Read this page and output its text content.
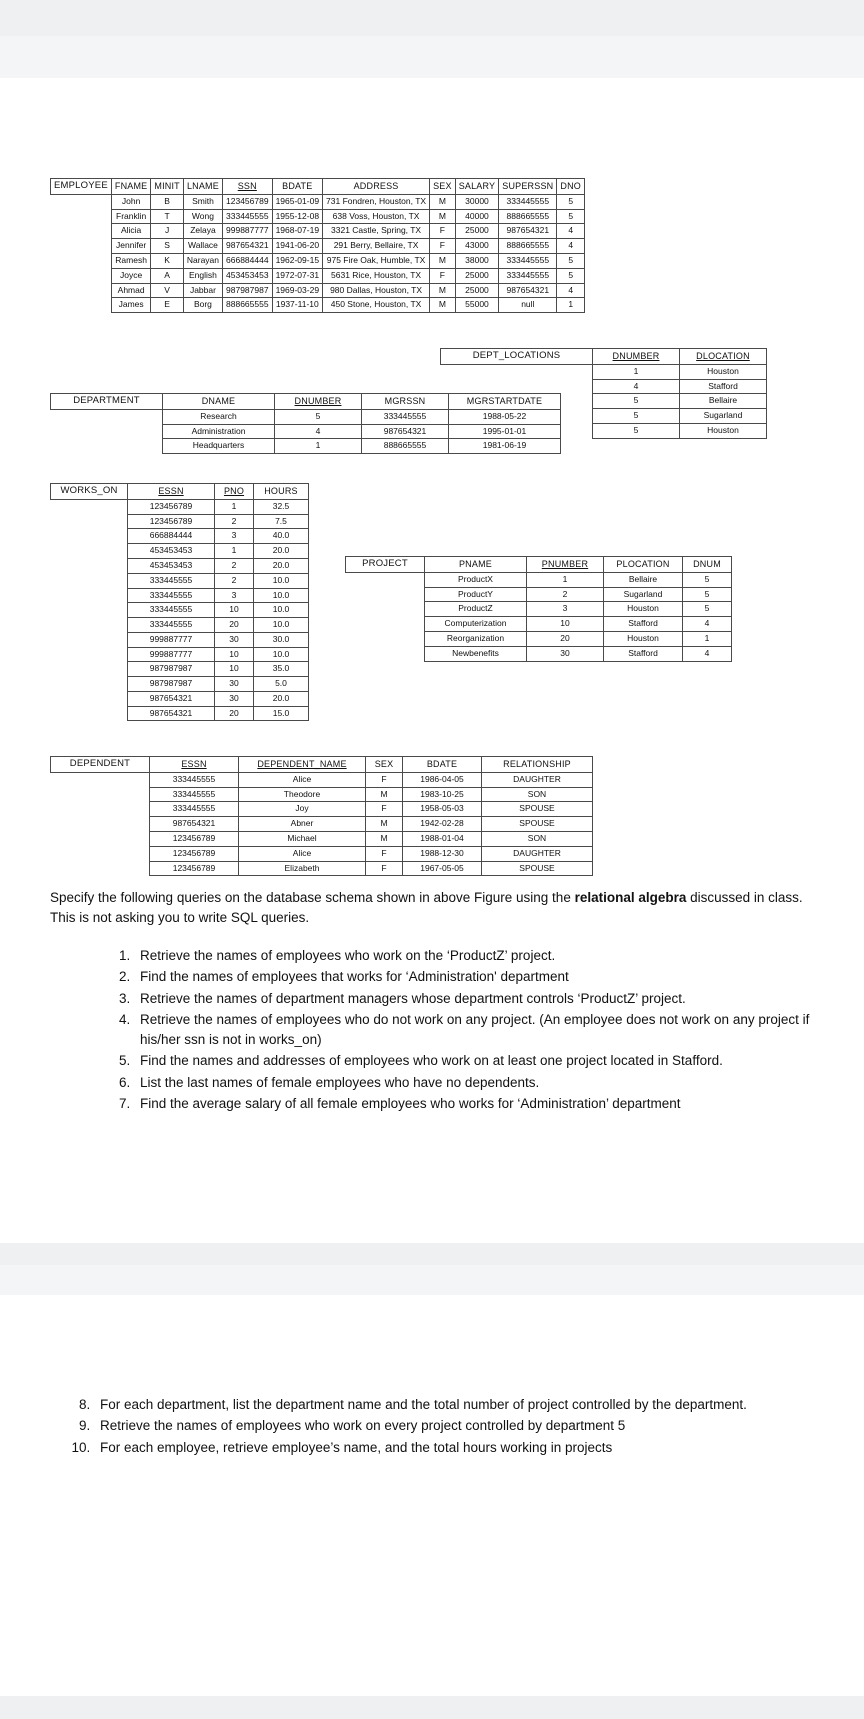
EMPLOYEE	FNAME	MINIT	LNAME	SSN	BDATE	ADDRESS	SEX	SALARY	SUPERSSN	DNO
	John	B	Smith	123456789	1965-01-09	731 Fondren, Houston, TX	M	30000	333445555	5
	Franklin	T	Wong	333445555	1955-12-08	638 Voss, Houston, TX	M	40000	888665555	5
	Alicia	J	Zelaya	999887777	1968-07-19	3321 Castle, Spring, TX	F	25000	987654321	4
	Jennifer	S	Wallace	987654321	1941-06-20	291 Berry, Bellaire, TX	F	43000	888665555	4
	Ramesh	K	Narayan	666884444	1962-09-15	975 Fire Oak, Humble, TX	M	38000	333445555	5
	Joyce	A	English	453453453	1972-07-31	5631 Rice, Houston, TX	F	25000	333445555	5
	Ahmad	V	Jabbar	987987987	1969-03-29	980 Dallas, Houston, TX	M	25000	987654321	4
	James	E	Borg	888665555	1937-11-10	450 Stone, Houston, TX	M	55000	null	1
DEPT_LOCATIONS	DNUMBER	DLOCATION
	1	Houston
	4	Stafford
	5	Bellaire
	5	Sugarland
	5	Houston
DEPARTMENT	DNAME	DNUMBER	MGRSSN	MGRSTARTDATE
	Research	5	333445555	1988-05-22
	Administration	4	987654321	1995-01-01
	Headquarters	1	888665555	1981-06-19
WORKS_ON	ESSN	PNO	HOURS
	123456789	1	32.5
	123456789	2	7.5
	666884444	3	40.0
	453453453	1	20.0
	453453453	2	20.0
	333445555	2	10.0
	333445555	3	10.0
	333445555	10	10.0
	333445555	20	10.0
	999887777	30	30.0
	999887777	10	10.0
	987987987	10	35.0
	987987987	30	5.0
	987654321	30	20.0
	987654321	20	15.0
PROJECT	PNAME	PNUMBER	PLOCATION	DNUM
	ProductX	1	Bellaire	5
	ProductY	2	Sugarland	5
	ProductZ	3	Houston	5
	Computerization	10	Stafford	4
	Reorganization	20	Houston	1
	Newbenefits	30	Stafford	4
DEPENDENT	ESSN	DEPENDENT_NAME	SEX	BDATE	RELATIONSHIP
	333445555	Alice	F	1986-04-05	DAUGHTER
	333445555	Theodore	M	1983-10-25	SON
	333445555	Joy	F	1958-05-03	SPOUSE
	987654321	Abner	M	1942-02-28	SPOUSE
	123456789	Michael	M	1988-01-04	SON
	123456789	Alice	F	1988-12-30	DAUGHTER
	123456789	Elizabeth	F	1967-05-05	SPOUSE
Specify the following queries on the database schema shown in above Figure using the relational algebra discussed in class. This is not asking you to write SQL queries.
1. Retrieve the names of employees who work on the ‘ProductZ’ project.
2. Find the names of employees that works for ‘Administration' department
3. Retrieve the names of department managers whose department controls ‘ProductZ’ project.
4. Retrieve the names of employees who do not work on any project. (An employee does not work on any project if his/her ssn is not in works_on)
5. Find the names and addresses of employees who work on at least one project located in Stafford.
6. List the last names of female employees who have no dependents.
7. Find the average salary of all female employees who works for ‘Administration’ department
8. For each department, list the department name and the total number of project controlled by the department.
9. Retrieve the names of employees who work on every project controlled by department 5
10. For each employee, retrieve employee’s name, and the total hours working in projects
